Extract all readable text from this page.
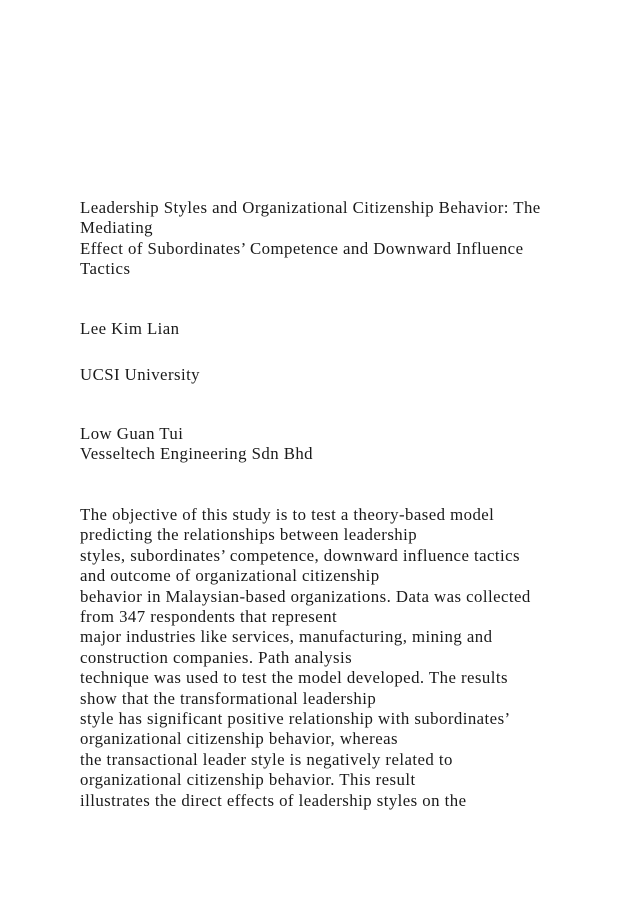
Leadership Styles and Organizational Citizenship Behavior: The
Mediating
Effect of Subordinates’ Competence and Downward Influence
Tactics
Lee Kim Lian
UCSI University
Low Guan Tui
Vesseltech Engineering Sdn Bhd
The objective of this study is to test a theory-based model
predicting the relationships between leadership
styles, subordinates’ competence, downward influence tactics
and outcome of organizational citizenship
behavior in Malaysian-based organizations. Data was collected
from 347 respondents that represent
major industries like services, manufacturing, mining and
construction companies. Path analysis
technique was used to test the model developed. The results
show that the transformational leadership
style has significant positive relationship with subordinates’
organizational citizenship behavior, whereas
the transactional leader style is negatively related to
organizational citizenship behavior. This result
illustrates the direct effects of leadership styles on the
